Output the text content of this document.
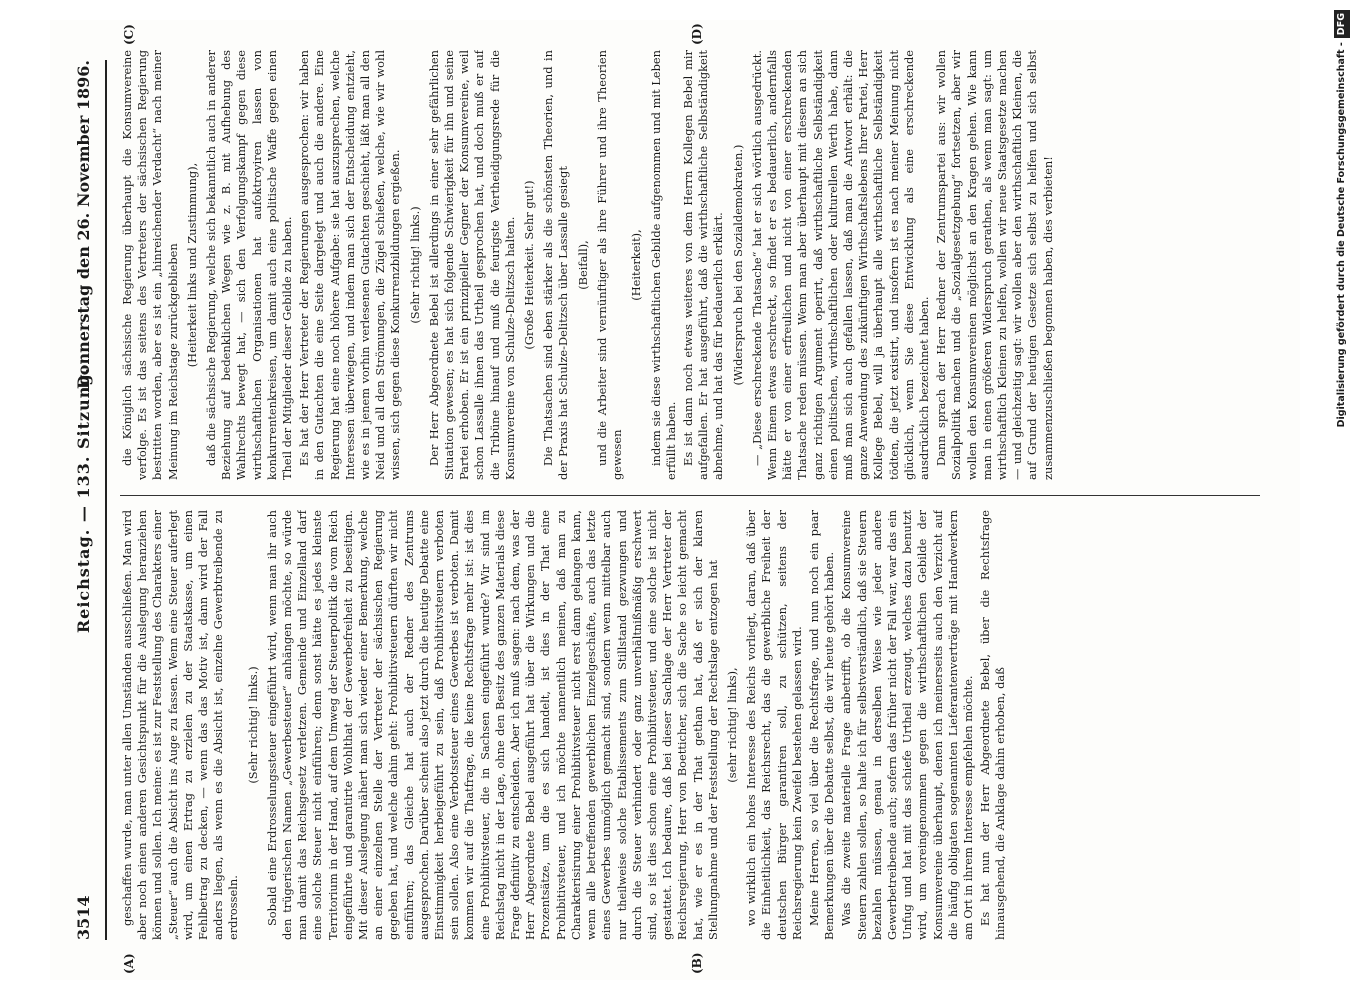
3514
Reichstag. — 133. Sitzung.
Donnerstag den 26. November 1896.
(A)	(B)
(C)	(D)

geschaffen wurde, man unter allen Umständen ausschließen. Man wird aber noch einen anderen Gesichtspunkt für die Auslegung heranziehen können und sollen. Ich meine: es ist zur Feststellung des Charakters einer „Steuer“ auch die Absicht ins Auge zu fassen. Wenn eine Steuer auferlegt wird, um einen Ertrag zu erzielen zu der Staatskasse, um einen Fehlbetrag zu decken, — wenn das das Motiv ist, dann wird der Fall anders liegen, als wenn es die Absicht ist, einzelne Gewerbtreibende zu erdrosseln.

(Sehr richtig! links.) Sobald eine Erdrosselungssteuer eingeführt wird, wenn man ihr auch den trügerischen Namen „Gewerbesteuer“ anhängen möchte, so würde man damit das Reichsgesetz verletzen. Gemeinde und Einzelland darf eine solche Steuer nicht einführen; denn sonst hätte es jedes kleinste Territorium in der Hand, auf dem Umweg der Steuerpolitik die vom Reich eingeführte und garantirte Wohlthat der Gewerbefreiheit zu beseitigen. Mit dieser Auslegung nähert man sich wieder einer Bemerkung, welche an einer einzelnen Stelle der Vertreter der sächsischen Regierung gegeben hat, und welche dahin geht: Prohibitivsteuern dürften wir nicht einführen; das Gleiche hat auch der Redner des Zentrums ausgesprochen. Darüber scheint also jetzt durch die heutige Debatte eine Einstimmigkeit herbeigeführt zu sein, daß Prohibitivsteuern verboten sein sollen. Also eine Verbotssteuer eines Gewerbes ist verboten. Damit kommen wir auf die Thatfrage, die keine Rechtsfrage mehr ist: ist dies eine Prohibitivsteuer, die in Sachsen eingeführt wurde? Wir sind im Reichstag nicht in der Lage, ohne den Besitz des ganzen Materials diese Frage definitiv zu entscheiden. Aber ich muß sagen: nach dem, was der Herr Abgeordnete Bebel ausgeführt hat über die Wirkungen und die Prozentsätze, um die es sich handelt, ist dies in der That eine Prohibitivsteuer, und ich möchte namentlich meinen, daß man zu Charakterisirung einer Prohibitivsteuer nicht erst dann gelangen kann, wenn alle betreffenden gewerblichen Einzelgeschäfte, auch das letzte eines Gewerbes unmöglich gemacht sind, sondern wenn mittelbar auch nur theilweise solche Etablissements zum Stillstand gezwungen und durch die Steuer verhindert oder ganz unverhältnißmäßig erschwert sind, so ist dies schon eine Prohibitivsteuer, und eine solche ist nicht gestattet. Ich bedaure, daß bei dieser Sachlage der Herr Vertreter der Reichsregierung, Herr von Boetticher, sich die Sache so leicht gemacht hat, wie er es in der That gethan hat, daß er sich der klaren Stellungnahme und der Feststellung der Rechtslage entzogen hat (sehr richtig! links), wo wirklich ein hohes Interesse des Reichs vorliegt, daran, daß über die Einheitlichkeit, das Reichsrecht, das die gewerbliche Freiheit der deutschen Bürger garantiren soll, zu schützen, seitens der Reichsregierung kein Zweifel bestehen gelassen wird. Meine Herren, so viel über die Rechtsfrage, und nun noch ein paar Bemerkungen über die Debatte selbst, die wir heute gehört haben. Was die zweite materielle Frage anbetrifft, ob die Konsumvereine Steuern zahlen sollen, so halte ich für selbstverständlich, daß sie Steuern bezahlen müssen, genau in derselben Weise wie jeder andere Gewerbetreibende auch; sofern das früher nicht der Fall war, war das ein Unfug und hat mit das schiefe Urtheil erzeugt, welches dazu benutzt wird, um voreingenommen gegen die wirthschaftlichen Gebilde der Konsumvereine überhaupt, denen ich meinerseits auch den Verzicht auf die häufig obligaten sogenannten Lieferantenverträge mit Handwerkern am Ort in ihrem Interesse empfehlen möchte. Es hat nun der Herr Abgeordnete Bebel, über die Rechtsfrage hinausgehend, die Anklage dahin erhoben, daß

die Königlich sächsische Regierung überhaupt die Konsumvereine verfolge. Es ist das seitens des Vertreters der sächsischen Regierung bestritten worden, aber es ist ein „hinreichender Verdacht“ nach meiner Meinung im Reichstage zurückgeblieben (Heiterkeit links und Zustimmung), daß die sächsische Regierung, welche sich bekanntlich auch in anderer Beziehung auf bedenklichen Wegen wie z. B. mit Aufhebung des Wahlrechts bewegt hat, — sich den Verfolgungskampf gegen diese wirthschaftlichen Organisationen hat aufoktroyiren lassen von konkurrentenkreisen, um damit auch eine politische Waffe gegen einen Theil der Mitglieder dieser Gebilde zu haben. Es hat der Herr Vertreter der Regierungen ausgesprochen: wir haben in den Gutachten die eine Seite dargelegt und auch die andere. Eine Regierung hat eine noch höhere Aufgabe: sie hat auszusprechen, welche Interessen überwiegen, und indem man sich der Entscheidung entzieht, wie es in jenem vorhin verlesenen Gutachten geschieht, läßt man all den Neid und all den Strömungen, die Zügel schießen, welche, wie wir wohl wissen, sich gegen diese Konkurrenzbildungen ergießen. (Sehr richtig! links.) Der Herr Abgeordnete Bebel ist allerdings in einer sehr gefährlichen Situation gewesen; es hat sich folgende Schwierigkeit für ihn und seine Partei erhoben. Er ist ein prinzipieller Gegner der Konsumvereine, weil schon Lassalle ihnen das Urtheil gesprochen hat, und doch muß er auf die Tribüne hinauf und muß die feurigste Vertheidigungsrede für die Konsumvereine von Schulze-Delitzsch halten. (Große Heiterkeit. Sehr gut!) Die Thatsachen sind eben stärker als die schönsten Theorien, und in der Praxis hat Schulze-Delitzsch über Lassalle gesiegt (Beifall), und die Arbeiter sind vernünftiger als ihre Führer und ihre Theorien gewesen

(Heiterkeit), indem sie diese wirthschaftlichen Gebilde aufgenommen und mit Leben erfüllt haben. Es ist dann noch etwas weiteres von dem Herrn Kollegen Bebel mir aufgefallen. Er hat ausgeführt, daß die wirthschaftliche Selbständigkeit abnehme, und hat das für bedauerlich erklärt. (Widerspruch bei den Sozialdemokraten.) — „Diese erschreckende Thatsache“ hat er sich wörtlich ausgedrückt. Wenn Einem etwas erschreckt, so findet er es bedauerlich, andernfalls hätte er von einer erfreulichen und nicht von einer erschreckenden Thatsache reden müssen. Wenn man aber überhaupt mit diesem an sich ganz richtigen Argument operirt, daß wirthschaftliche Selbständigkeit einen politischen, wirthschaftlichen oder kulturellen Werth habe, dann muß man sich auch gefallen lassen, daß man die Antwort erhält: die ganze Anwendung des zukünftigen Wirthschaftslebens Ihrer Partei, Herr Kollege Bebel, will ja überhaupt alle wirthschaftliche Selbständigkeit tödten, die jetzt existirt, und insofern ist es nach meiner Meinung nicht glücklich, wenn Sie diese Entwicklung als eine erschreckende ausdrücklich bezeichnet haben. Dann sprach der Herr Redner der Zentrumspartei aus: wir wollen Sozialpolitik machen und die „Sozialgesetzgebung“ fortsetzen, aber wir wollen den Konsumvereinen möglichst an den Kragen gehen. Wie kann man in einen größeren Widerspruch gerathen, als wenn man sagt: um wirthschaftlich Kleinen zu helfen, wollen wir neue Staatsgesetze machen — und gleichzeitig sagt: wir wollen aber den wirthschaftlich Kleinen, die auf Grund der heutigen Gesetze sich selbst zu helfen und sich selbst zusammenzuschließen begonnen haben, dies verbieten!	Digitalisierung gefördert durch die Deutsche Forschungsgemeinschaft -DFG
